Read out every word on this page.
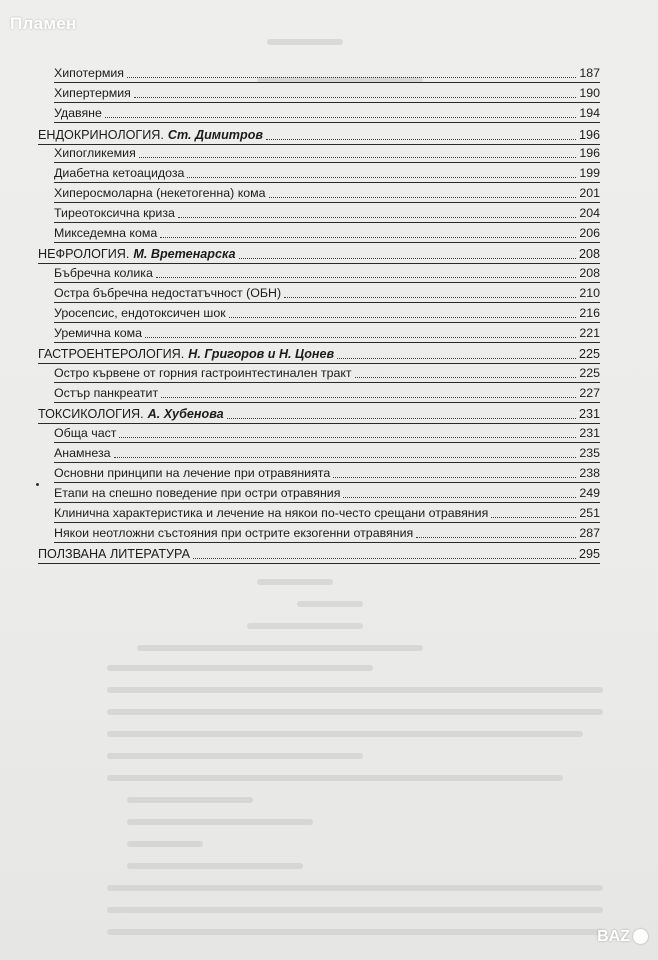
Пламен
Хипотермия	187
Хипертермия	190
Удавяне	194
ЕНДОКРИНОЛОГИЯ. Ст. Димитров	196
Хипогликемия	196
Диабетна кетоацидоза	199
Хиперосмоларна (некетогенна) кома	201
Тиреотоксична криза	204
Микседемна кома	206
НЕФРОЛОГИЯ. М. Вретенарска	208
Бъбречна колика	208
Остра бъбречна недостатъчност (ОБН)	210
Уросепсис, ендотоксичен шок	216
Уремична кома	221
ГАСТРОЕНТЕРОЛОГИЯ. Н. Григоров и Н. Цонев	225
Остро кървене от горния гастроинтестинален тракт	225
Остър панкреатит	227
ТОКСИКОЛОГИЯ. А. Хубенова	231
Обща част	231
Анамнеза	235
Основни принципи на лечение при отравянията	238
Етапи на спешно поведение при остри отравяния	249
Клинична характеристика и лечение на някои по-често срещани отравяния	251
Някои неотложни състояния при острите екзогенни отравяния	287
ПОЛЗВАНА ЛИТЕРАТУРА	295
BAZ
